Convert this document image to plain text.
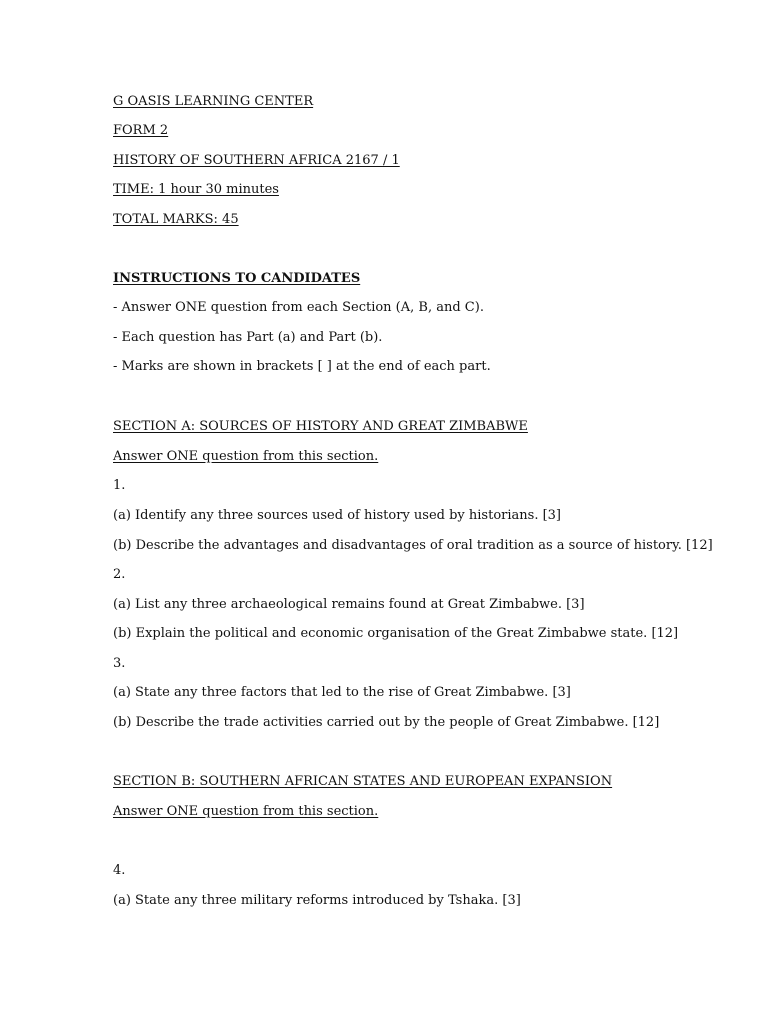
G OASIS LEARNING CENTER
FORM 2
HISTORY OF SOUTHERN AFRICA 2167 / 1
TIME: 1 hour 30 minutes
TOTAL MARKS: 45
INSTRUCTIONS TO CANDIDATES
- Answer ONE question from each Section (A, B, and C).
- Each question has Part (a) and Part (b).
- Marks are shown in brackets [ ] at the end of each part.
SECTION A: SOURCES OF HISTORY AND GREAT ZIMBABWE
Answer ONE question from this section.
1.
(a) Identify any three sources used of history used by historians. [3]
(b) Describe the advantages and disadvantages of oral tradition as a source of history. [12]
2.
(a) List any three archaeological remains found at Great Zimbabwe. [3]
(b) Explain the political and economic organisation of the Great Zimbabwe state. [12]
3.
(a) State any three factors that led to the rise of Great Zimbabwe. [3]
(b) Describe the trade activities carried out by the people of Great Zimbabwe. [12]
SECTION B: SOUTHERN AFRICAN STATES AND EUROPEAN EXPANSION
Answer ONE question from this section.
4.
(a) State any three military reforms introduced by Tshaka. [3]
